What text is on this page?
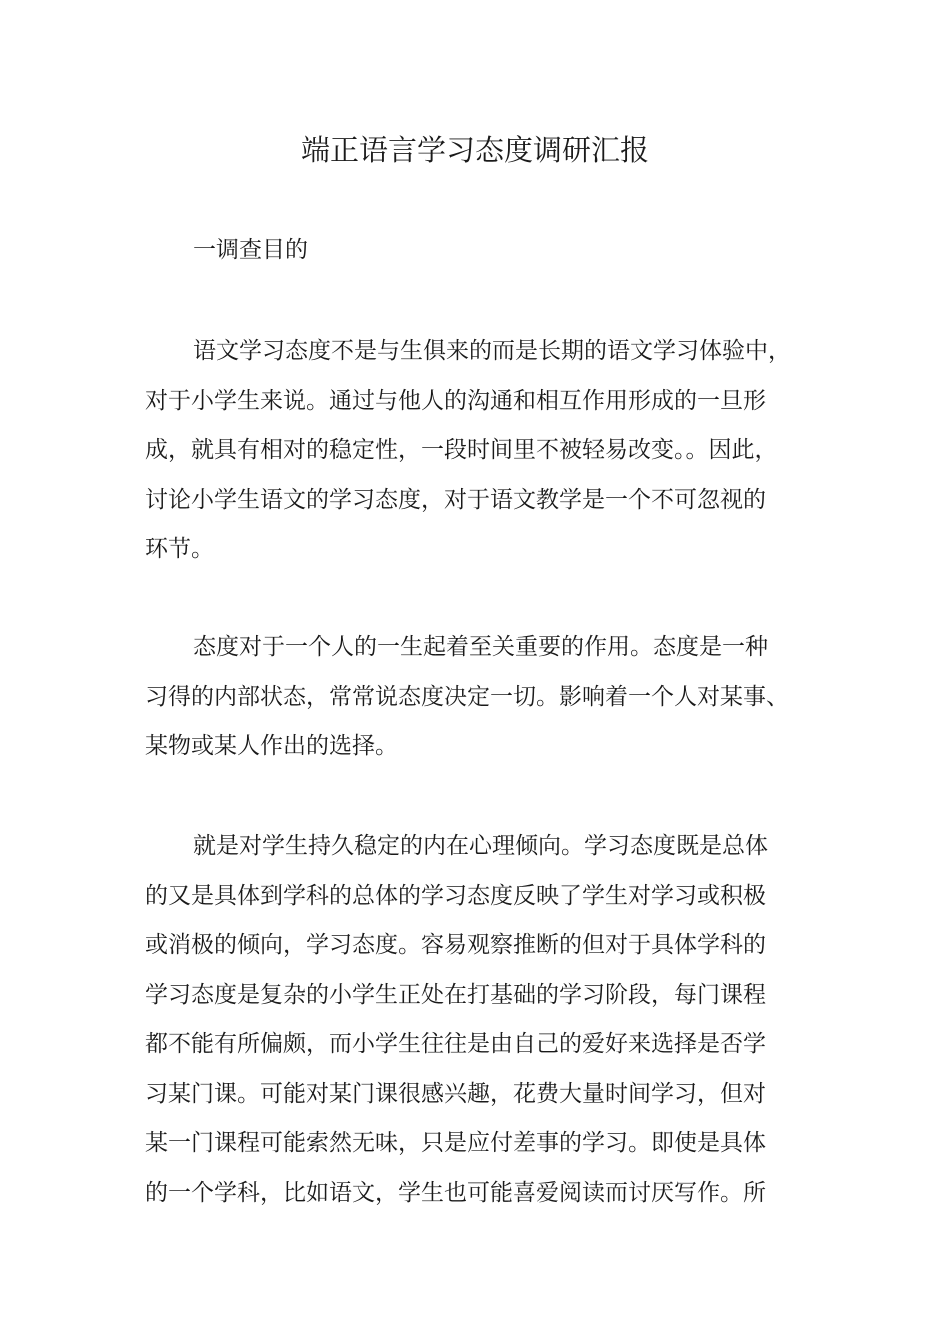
端正语言学习态度调研汇报
一调查目的

语文学习态度不是与生俱来的而是长期的语文学习体验中，
对于小学生来说。通过与他人的沟通和相互作用形成的一旦形
成，就具有相对的稳定性，一段时间里不被轻易改变。。因此，
讨论小学生语文的学习态度，对于语文教学是一个不可忽视的
环节。

态度对于一个人的一生起着至关重要的作用。态度是一种
习得的内部状态，常常说态度决定一切。影响着一个人对某事、
某物或某人作出的选择。

就是对学生持久稳定的内在心理倾向。学习态度既是总体
的又是具体到学科的总体的学习态度反映了学生对学习或积极
或消极的倾向，学习态度。容易观察推断的但对于具体学科的
学习态度是复杂的小学生正处在打基础的学习阶段，每门课程
都不能有所偏颇，而小学生往往是由自己的爱好来选择是否学
习某门课。可能对某门课很感兴趣，花费大量时间学习，但对
某一门课程可能索然无味，只是应付差事的学习。即使是具体
的一个学科，比如语文，学生也可能喜爱阅读而讨厌写作。所
